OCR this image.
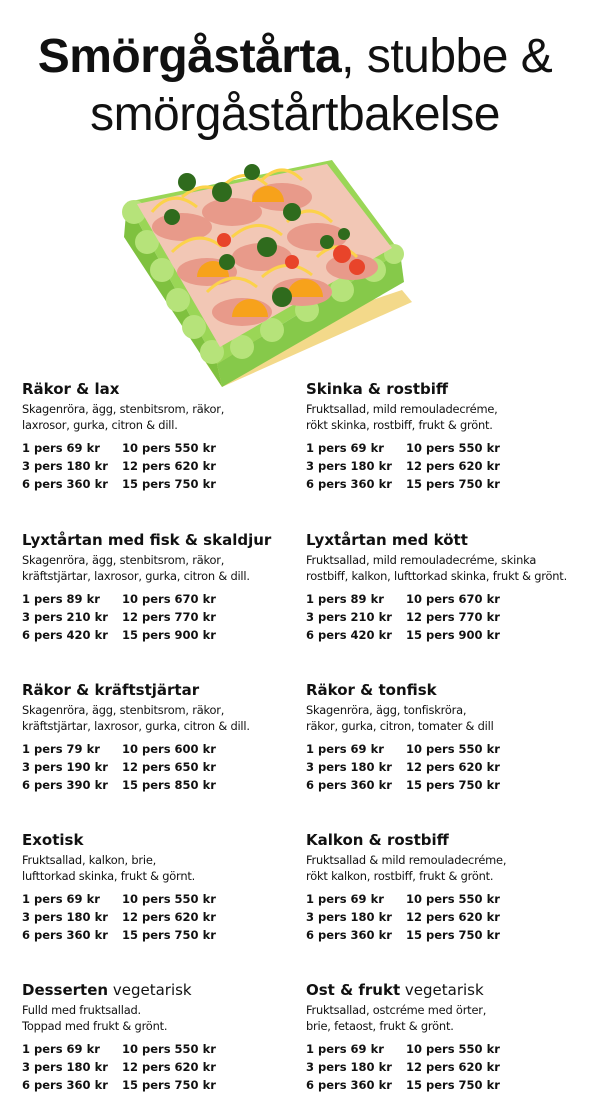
Smörgåstårta, stubbe &
smörgåstårtbakelse
Räkor & lax
Skagenröra, ägg, stenbitsrom, räkor,
laxrosor, gurka, citron & dill.
1 pers 69 kr	10 pers 550 kr
3 pers 180 kr	12 pers 620 kr
6 pers 360 kr	15 pers 750 kr
Lyxtårtan med fisk & skaldjur
Skagenröra, ägg, stenbitsrom, räkor,
kräftstjärtar, laxrosor, gurka, citron & dill.
1 pers 89 kr	10 pers 670 kr
3 pers 210 kr	12 pers 770 kr
6 pers 420 kr	15 pers 900 kr
Räkor & kräftstjärtar
Skagenröra, ägg, stenbitsrom, räkor,
kräftstjärtar, laxrosor, gurka, citron & dill.
1 pers 79 kr	10 pers 600 kr
3 pers 190 kr	12 pers 650 kr
6 pers 390 kr	15 pers 850 kr
Exotisk
Fruktsallad, kalkon, brie,
lufttorkad skinka, frukt & görnt.
1 pers 69 kr	10 pers 550 kr
3 pers 180 kr	12 pers 620 kr
6 pers 360 kr	15 pers 750 kr
Desserten vegetarisk
Fulld med fruktsallad.
Toppad med frukt & grönt.
1 pers 69 kr	10 pers 550 kr
3 pers 180 kr	12 pers 620 kr
6 pers 360 kr	15 pers 750 kr
Skinka & rostbiff
Fruktsallad, mild remouladecréme,
rökt skinka, rostbiff, frukt & grönt.
1 pers 69 kr	10 pers 550 kr
3 pers 180 kr	12 pers 620 kr
6 pers 360 kr	15 pers 750 kr
Lyxtårtan med kött
Fruktsallad, mild remouladecréme, skinka
rostbiff, kalkon, lufttorkad skinka, frukt & grönt.
1 pers 89 kr	10 pers 670 kr
3 pers 210 kr	12 pers 770 kr
6 pers 420 kr	15 pers 900 kr
Räkor & tonfisk
Skagenröra, ägg, tonfiskröra,
räkor, gurka, citron, tomater & dill
1 pers 69 kr	10 pers 550 kr
3 pers 180 kr	12 pers 620 kr
6 pers 360 kr	15 pers 750 kr
Kalkon & rostbiff
Fruktsallad & mild remouladecréme,
rökt kalkon, rostbiff, frukt & grönt.
1 pers 69 kr	10 pers 550 kr
3 pers 180 kr	12 pers 620 kr
6 pers 360 kr	15 pers 750 kr
Ost & frukt vegetarisk
Fruktsallad, ostcréme med örter,
brie, fetaost, frukt & grönt.
1 pers 69 kr	10 pers 550 kr
3 pers 180 kr	12 pers 620 kr
6 pers 360 kr	15 pers 750 kr
